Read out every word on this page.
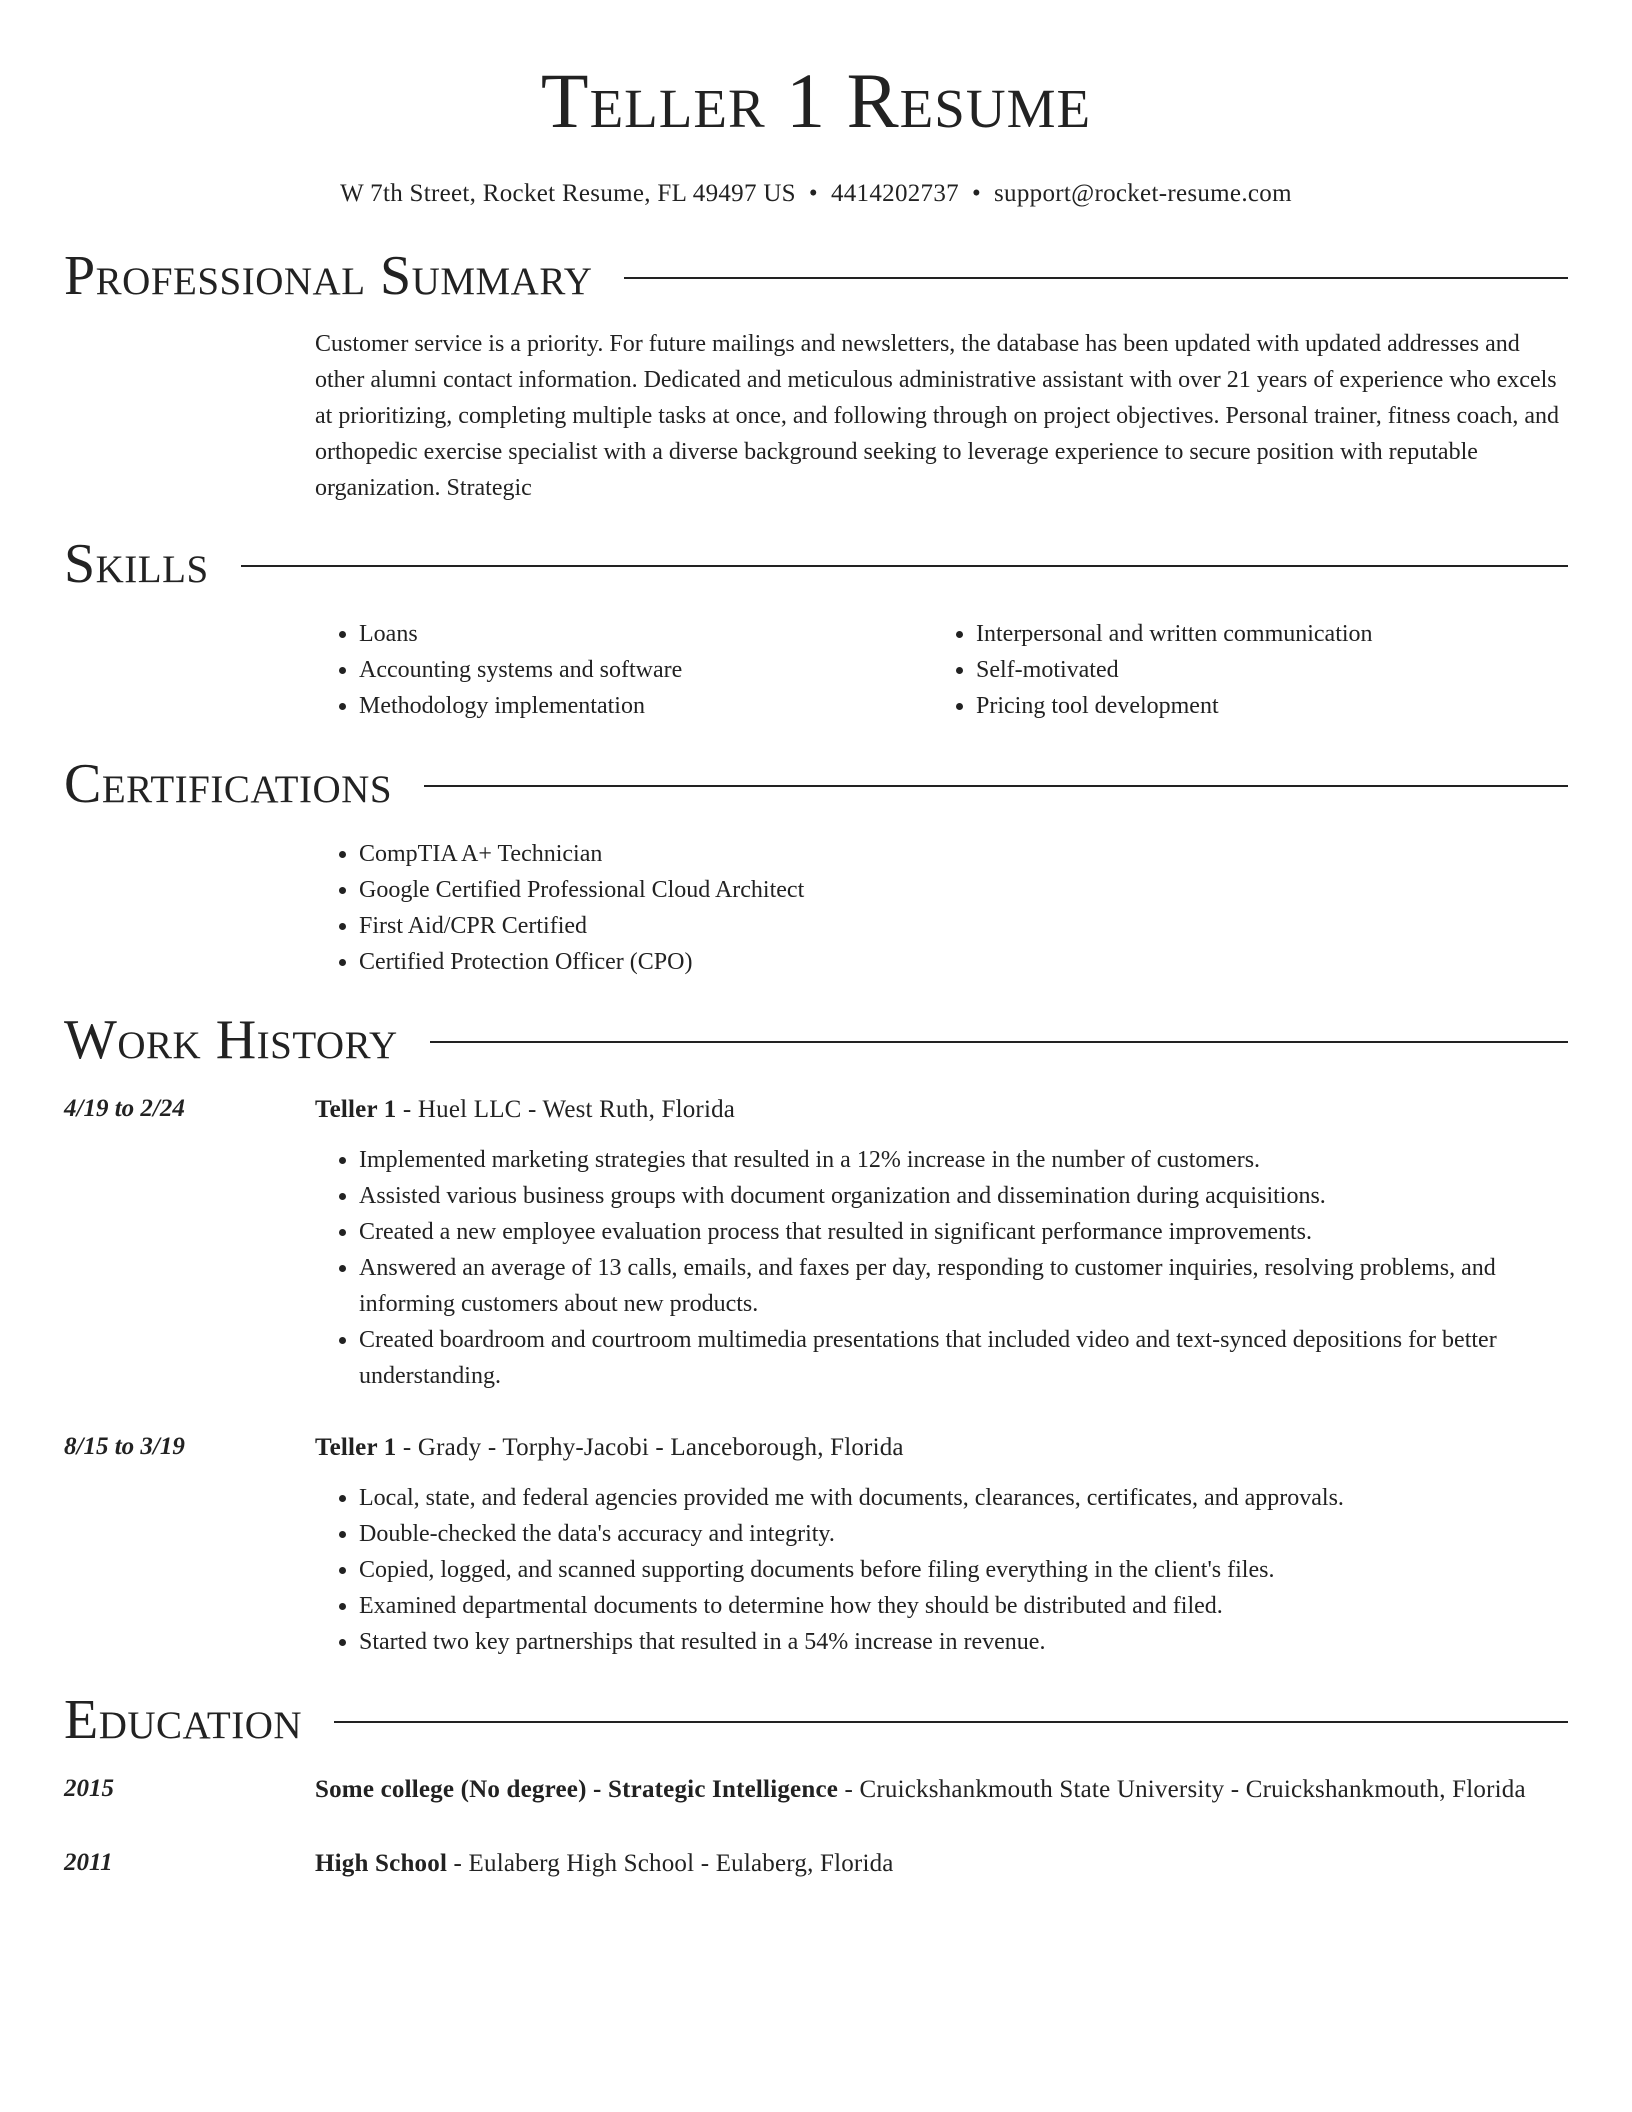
Teller 1 Resume
W 7th Street, Rocket Resume, FL 49497 US • 4414202737 • support@rocket-resume.com
Professional Summary
Customer service is a priority. For future mailings and newsletters, the database has been updated with updated addresses and other alumni contact information. Dedicated and meticulous administrative assistant with over 21 years of experience who excels at prioritizing, completing multiple tasks at once, and following through on project objectives. Personal trainer, fitness coach, and orthopedic exercise specialist with a diverse background seeking to leverage experience to secure position with reputable organization. Strategic
Skills
• Loans
• Accounting systems and software
• Methodology implementation
• Interpersonal and written communication
• Self-motivated
• Pricing tool development
Certifications
• CompTIA A+ Technician
• Google Certified Professional Cloud Architect
• First Aid/CPR Certified
• Certified Protection Officer (CPO)
Work History
4/19 to 2/24	Teller 1 - Huel LLC - West Ruth, Florida
• Implemented marketing strategies that resulted in a 12% increase in the number of customers.
• Assisted various business groups with document organization and dissemination during acquisitions.
• Created a new employee evaluation process that resulted in significant performance improvements.
• Answered an average of 13 calls, emails, and faxes per day, responding to customer inquiries, resolving problems, and informing customers about new products.
• Created boardroom and courtroom multimedia presentations that included video and text-synced depositions for better understanding.
8/15 to 3/19	Teller 1 - Grady - Torphy-Jacobi - Lanceborough, Florida
• Local, state, and federal agencies provided me with documents, clearances, certificates, and approvals.
• Double-checked the data's accuracy and integrity.
• Copied, logged, and scanned supporting documents before filing everything in the client's files.
• Examined departmental documents to determine how they should be distributed and filed.
• Started two key partnerships that resulted in a 54% increase in revenue.
Education
2015	Some college (No degree) - Strategic Intelligence - Cruickshankmouth State University - Cruickshankmouth, Florida
2011	High School - Eulaberg High School - Eulaberg, Florida
